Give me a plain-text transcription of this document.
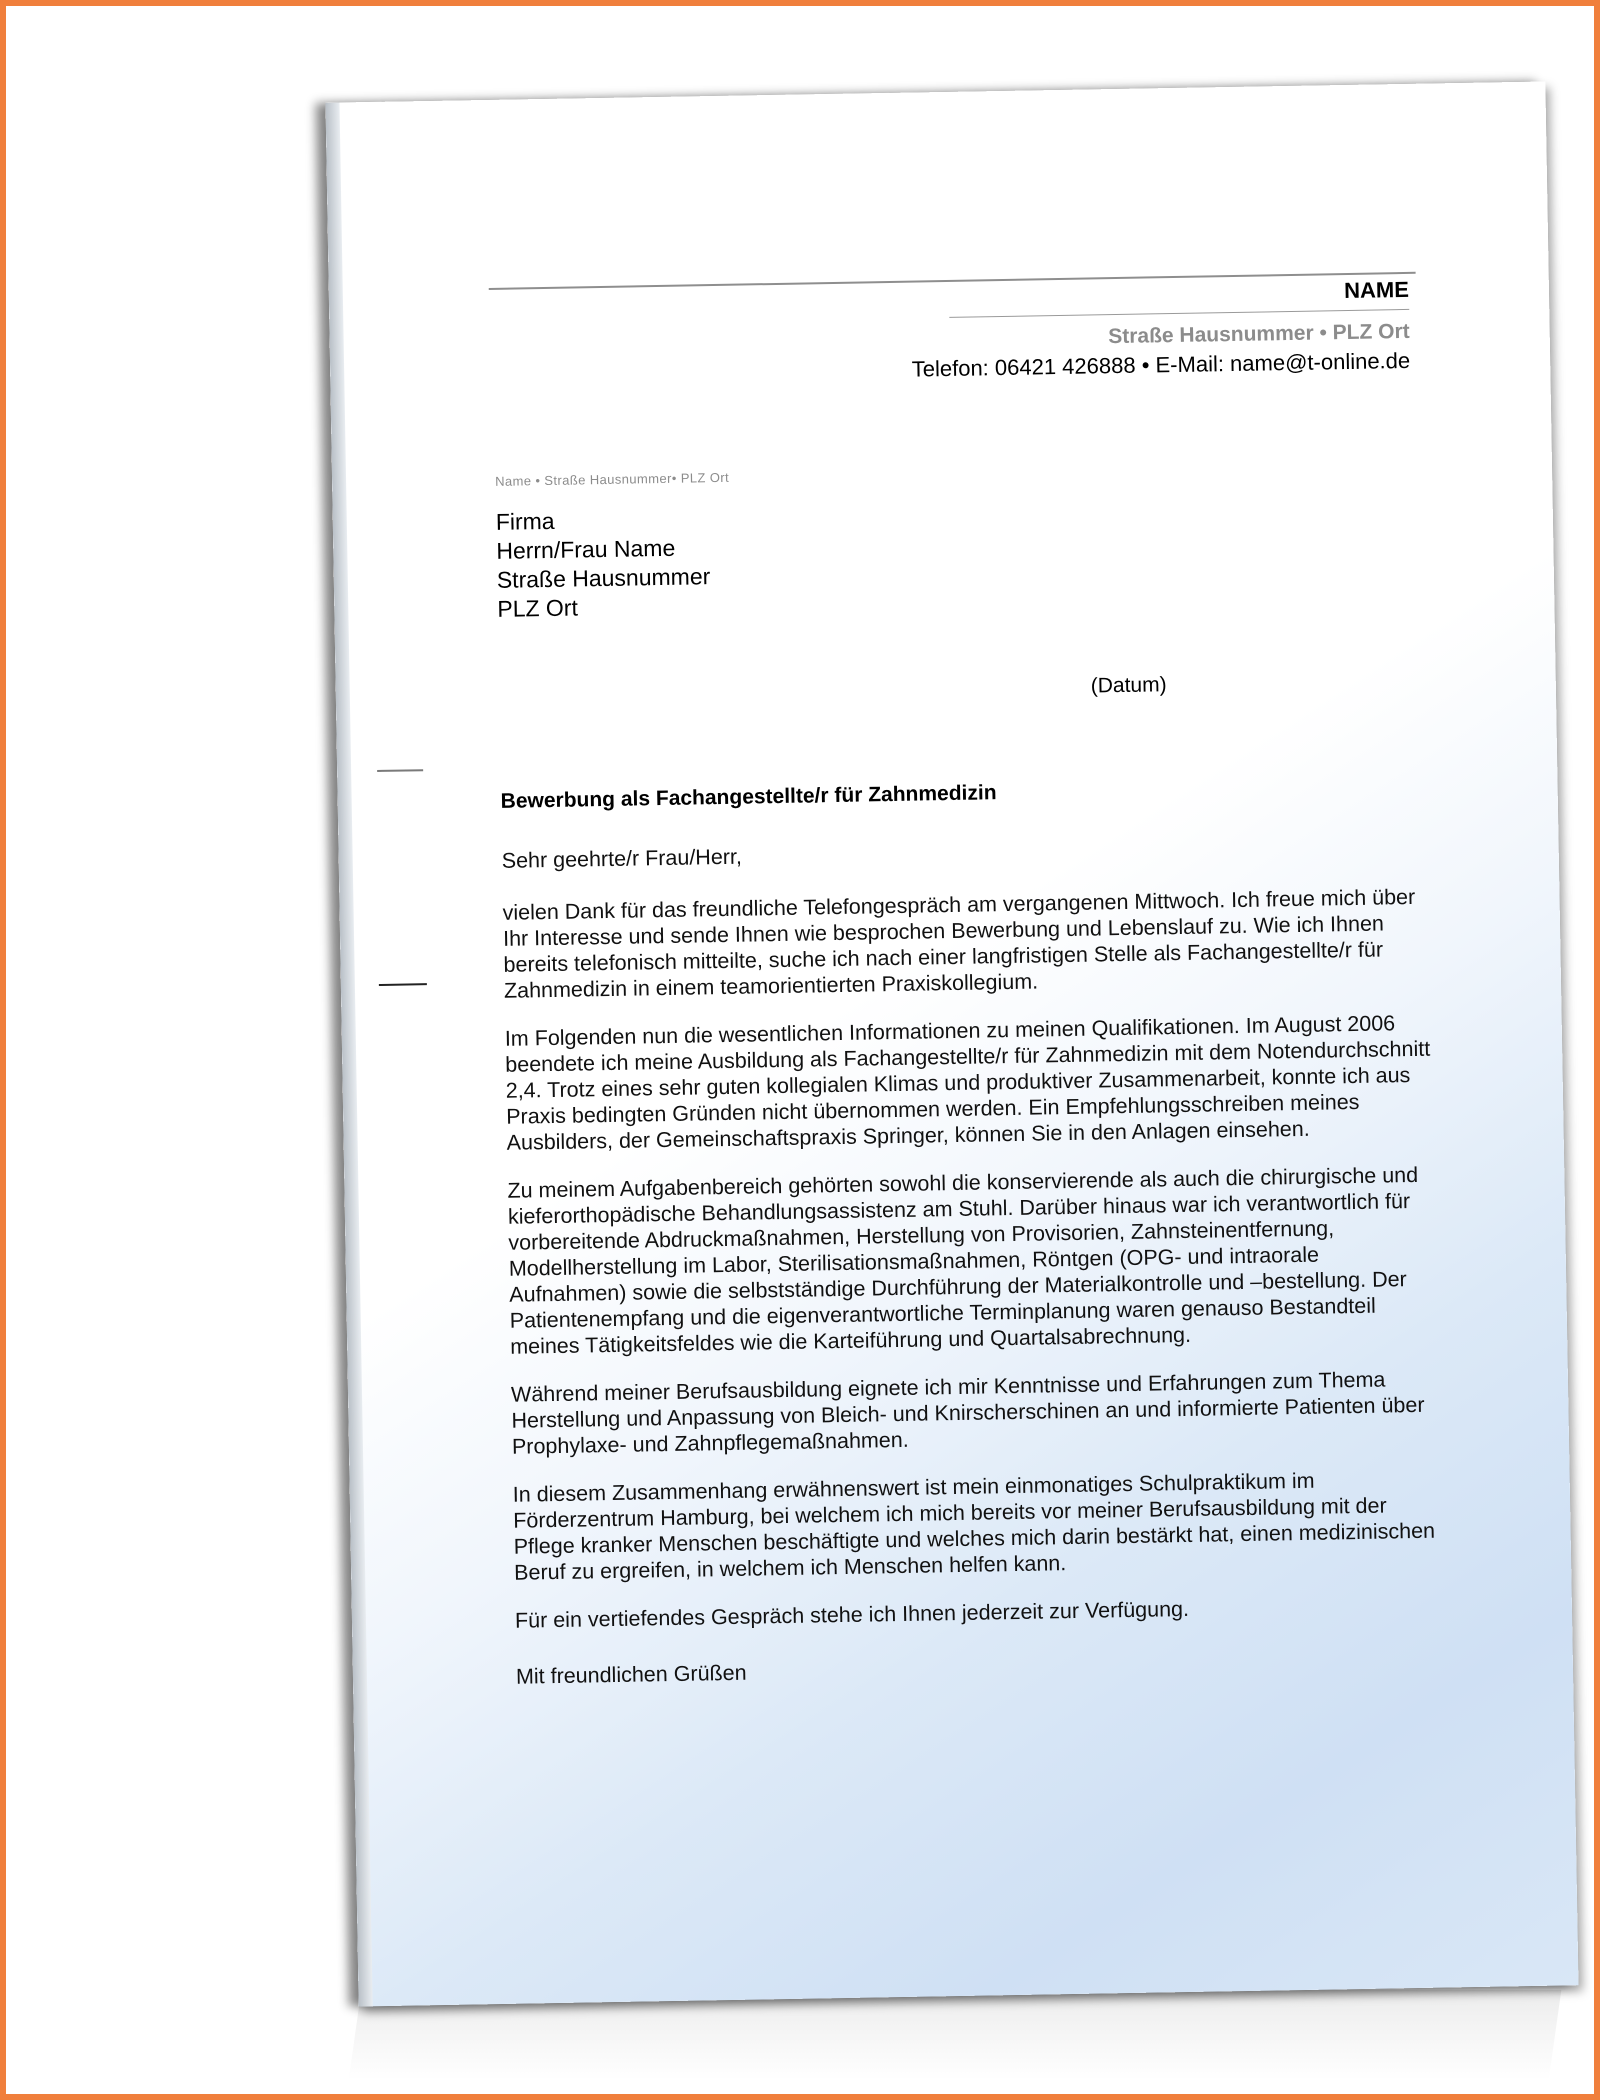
NAME
Straße Hausnummer • PLZ Ort
Telefon: 06421 426888 • E-Mail: name@t-online.de
Name • Straße Hausnummer• PLZ Ort
Firma
Herrn/Frau Name
Straße Hausnummer
PLZ Ort
(Datum)
Bewerbung als Fachangestellte/r für Zahnmedizin

Sehr geehrte/r Frau/Herr,

vielen Dank für das freundliche Telefongespräch am vergangenen Mittwoch. Ich freue mich über Ihr Interesse und sende Ihnen wie besprochen Bewerbung und Lebenslauf zu. Wie ich Ihnen bereits telefonisch mitteilte, suche ich nach einer langfristigen Stelle als Fachangestellte/r für Zahnmedizin in einem teamorientierten Praxiskollegium.

Im Folgenden nun die wesentlichen Informationen zu meinen Qualifikationen. Im August 2006 beendete ich meine Ausbildung als Fachangestellte/r für Zahnmedizin mit dem Notendurchschnitt 2,4. Trotz eines sehr guten kollegialen Klimas und produktiver Zusammenarbeit, konnte ich aus Praxis bedingten Gründen nicht übernommen werden. Ein Empfehlungsschreiben meines Ausbilders, der Gemeinschaftspraxis Springer, können Sie in den Anlagen einsehen.

Zu meinem Aufgabenbereich gehörten sowohl die konservierende als auch die chirurgische und kieferorthopädische Behandlungsassistenz am Stuhl. Darüber hinaus war ich verantwortlich für vorbereitende Abdruckmaßnahmen, Herstellung von Provisorien, Zahnsteinentfernung, Modellherstellung im Labor, Sterilisationsmaßnahmen, Röntgen (OPG- und intraorale Aufnahmen) sowie die selbstständige Durchführung der Materialkontrolle und –bestellung. Der Patientenempfang und die eigenverantwortliche Terminplanung waren genauso Bestandteil meines Tätigkeitsfeldes wie die Karteiführung und Quartalsabrechnung.

Während meiner Berufsausbildung eignete ich mir Kenntnisse und Erfahrungen zum Thema Herstellung und Anpassung von Bleich- und Knirscherschinen an und informierte Patienten über Prophylaxe- und Zahnpflegemaßnahmen.

In diesem Zusammenhang erwähnenswert ist mein einmonatiges Schulpraktikum im Förderzentrum Hamburg, bei welchem ich mich bereits vor meiner Berufsausbildung mit der Pflege kranker Menschen beschäftigte und welches mich darin bestärkt hat, einen medizinischen Beruf zu ergreifen, in welchem ich Menschen helfen kann.

Für ein vertiefendes Gespräch stehe ich Ihnen jederzeit zur Verfügung.

Mit freundlichen Grüßen
